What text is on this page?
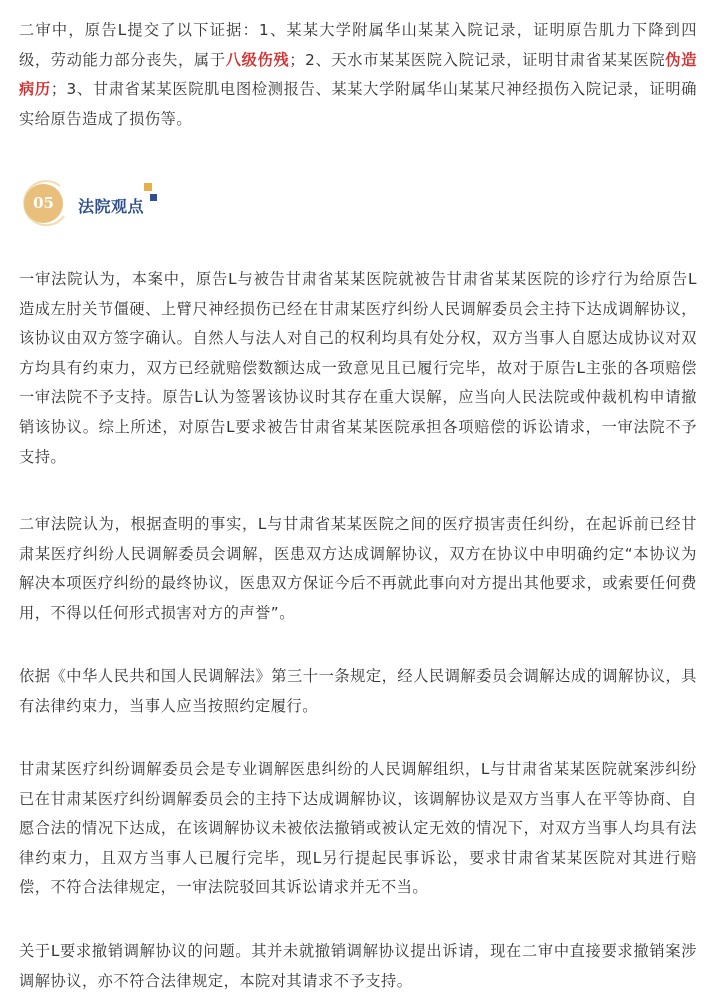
二审中，原告L提交了以下证据：1、某某大学附属华山某某入院记录，证明原告肌力下降到四级，劳动能力部分丧失，属于八级伤残；2、天水市某某医院入院记录，证明甘肃省某某医院伪造病历；3、甘肃省某某医院肌电图检测报告、某某大学附属华山某某尺神经损伤入院记录，证明确实给原告造成了损伤等。

05	法院观点

一审法院认为，本案中，原告L与被告甘肃省某某医院就被告甘肃省某某医院的诊疗行为给原告L造成左肘关节僵硬、上臂尺神经损伤已经在甘肃某医疗纠纷人民调解委员会主持下达成调解协议，该协议由双方签字确认。自然人与法人对自己的权利均具有处分权，双方当事人自愿达成协议对双方均具有约束力，双方已经就赔偿数额达成一致意见且已履行完毕，故对于原告L主张的各项赔偿一审法院不予支持。原告L认为签署该协议时其存在重大误解，应当向人民法院或仲裁机构申请撤销该协议。综上所述，对原告L要求被告甘肃省某某医院承担各项赔偿的诉讼请求，一审法院不予支持。

二审法院认为，根据查明的事实，L与甘肃省某某医院之间的医疗损害责任纠纷，在起诉前已经甘肃某医疗纠纷人民调解委员会调解，医患双方达成调解协议，双方在协议中申明确约定“本协议为解决本项医疗纠纷的最终协议，医患双方保证今后不再就此事向对方提出其他要求，或索要任何费用，不得以任何形式损害对方的声誉”。

依据《中华人民共和国人民调解法》第三十一条规定，经人民调解委员会调解达成的调解协议，具有法律约束力，当事人应当按照约定履行。

甘肃某医疗纠纷调解委员会是专业调解医患纠纷的人民调解组织，L与甘肃省某某医院就案涉纠纷已在甘肃某医疗纠纷调解委员会的主持下达成调解协议，该调解协议是双方当事人在平等协商、自愿合法的情况下达成，在该调解协议未被依法撤销或被认定无效的情况下，对双方当事人均具有法律约束力，且双方当事人已履行完毕，现L另行提起民事诉讼，要求甘肃省某某医院对其进行赔偿，不符合法律规定，一审法院驳回其诉讼请求并无不当。

关于L要求撤销调解协议的问题。其并未就撤销调解协议提出诉请，现在二审中直接要求撤销案涉调解协议，亦不符合法律规定，本院对其请求不予支持。
